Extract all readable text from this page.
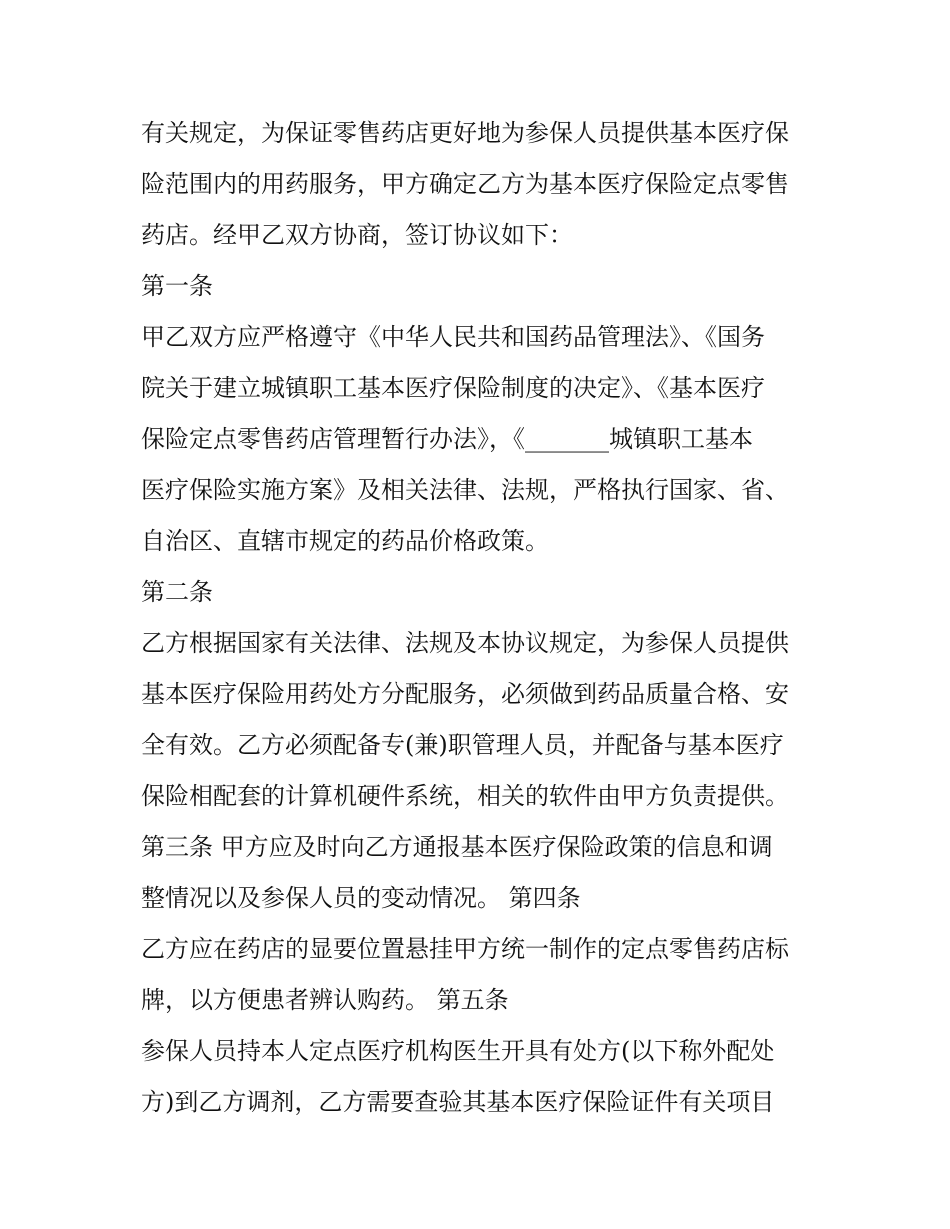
有关规定，为保证零售药店更好地为参保人员提供基本医疗保
险范围内的用药服务，甲方确定乙方为基本医疗保险定点零售
药店。经甲乙双方协商，签订协议如下：
第一条
甲乙双方应严格遵守《中华人民共和国药品管理法》、《国务
院关于建立城镇职工基本医疗保险制度的决定》、《基本医疗
保险定点零售药店管理暂行办法》，《_______城镇职工基本
医疗保险实施方案》及相关法律、法规，严格执行国家、省、
自治区、直辖市规定的药品价格政策。
第二条
乙方根据国家有关法律、法规及本协议规定，为参保人员提供
基本医疗保险用药处方分配服务，必须做到药品质量合格、安
全有效。乙方必须配备专(兼)职管理人员，并配备与基本医疗
保险相配套的计算机硬件系统，相关的软件由甲方负责提供。
第三条 甲方应及时向乙方通报基本医疗保险政策的信息和调
整情况以及参保人员的变动情况。 第四条
乙方应在药店的显要位置悬挂甲方统一制作的定点零售药店标
牌，以方便患者辨认购药。 第五条
参保人员持本人定点医疗机构医生开具有处方(以下称外配处
方)到乙方调剂，乙方需要查验其基本医疗保险证件有关项目
